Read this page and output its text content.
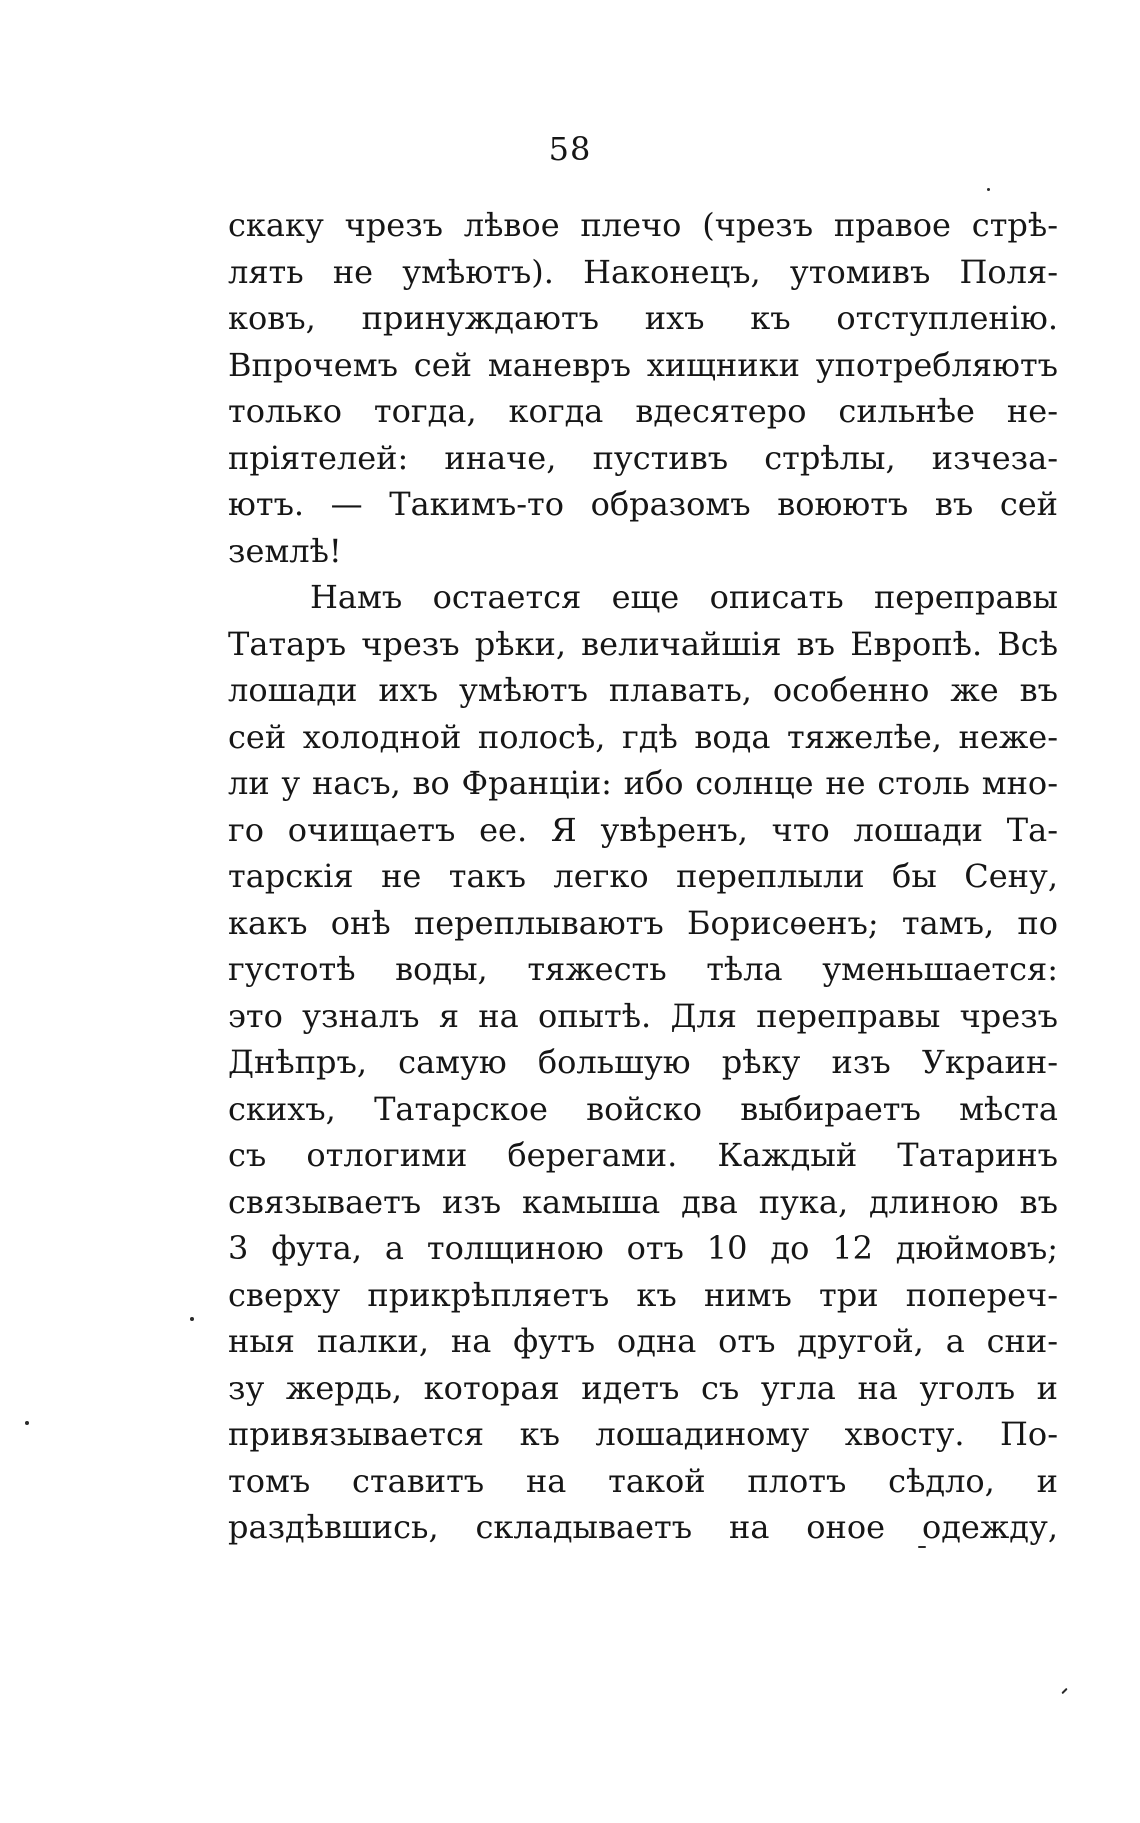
58
скаку чрезъ лѣвое плечо (чрезъ правое стрѣ-
лять не умѣютъ). Наконецъ, утомивъ Поля-
ковъ, принуждаютъ ихъ къ отступленію.
Впрочемъ сей маневръ хищники употребляютъ
только тогда, когда вдесятеро сильнѣе не-
пріятелей: иначе, пустивъ стрѣлы, изчеза-
ютъ. — Такимъ-то образомъ воюютъ въ сей
землѣ!
Намъ остается еще описать переправы
Татаръ чрезъ рѣки, величайшія въ Европѣ. Всѣ
лошади ихъ умѣютъ плавать, особенно же въ
сей холодной полосѣ, гдѣ вода тяжелѣе, неже-
ли у насъ, во Франціи: ибо солнце не столь мно-
го очищаетъ ее. Я увѣренъ, что лошади Та-
тарскія не такъ легко переплыли бы Сену,
какъ онѣ переплываютъ Борисѳенъ; тамъ, по
густотѣ воды, тяжесть тѣла уменьшается:
это узналъ я на опытѣ. Для переправы чрезъ
Днѣпръ, самую большую рѣку изъ Украин-
скихъ, Татарское войско выбираетъ мѣста
съ отлогими берегами. Каждый Татаринъ
связываетъ изъ камыша два пука, длиною въ
3 фута, а толщиною отъ 10 до 12 дюймовъ;
сверху прикрѣпляетъ къ нимъ три попереч-
ныя палки, на футъ одна отъ другой, а сни-
зу жердь, которая идетъ съ угла на уголъ и
привязывается къ лошадиному хвосту. По-
томъ ставитъ на такой плотъ сѣдло, и
раздѣвшись, складываетъ на оное одежду,
